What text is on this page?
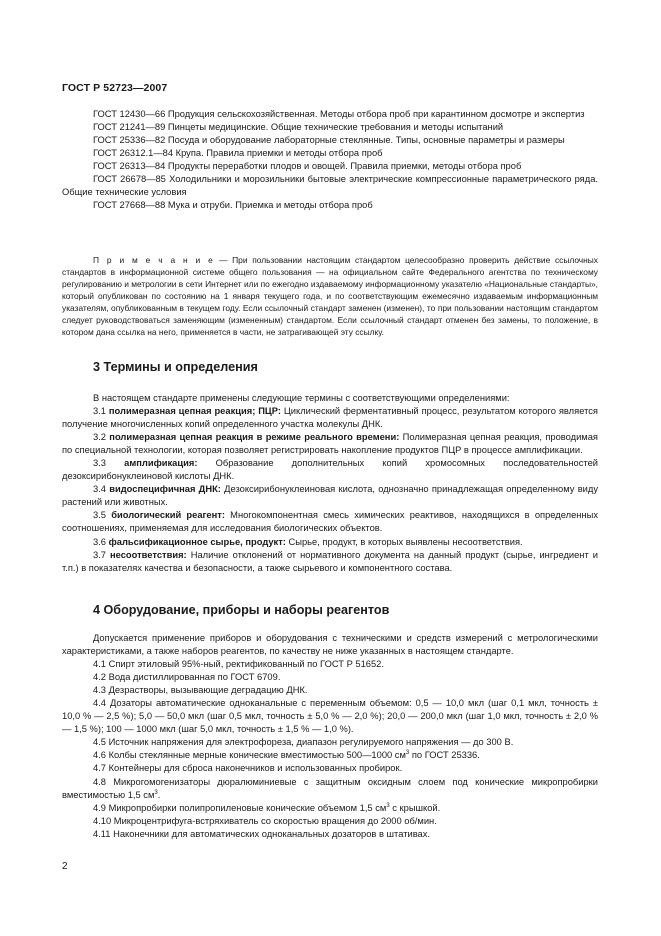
ГОСТ Р 52723—2007

ГОСТ 12430—66 Продукция сельскохозяйственная. Методы отбора проб при карантинном досмотре и экспертиз

ГОСТ 21241—89 Пинцеты медицинские. Общие технические требования и методы испытаний

ГОСТ 25336—82 Посуда и оборудование лабораторные стеклянные. Типы, основные параметры и размеры

ГОСТ 26312.1—84 Крупа. Правила приемки и методы отбора проб

ГОСТ 26313—84 Продукты переработки плодов и овощей. Правила приемки, методы отбора проб

ГОСТ 26678—85 Холодильники и морозильники бытовые электрические компрессионные параметрического ряда. Общие технические условия

ГОСТ 27668—88 Мука и отруби. Приемка и методы отбора проб

П р и м е ч а н и е — При пользовании настоящим стандартом целесообразно проверить действие ссылочных стандартов в информационной системе общего пользования — на официальном сайте Федерального агентства по техническому регулированию и метрологии в сети Интернет или по ежегодно издаваемому информационному указателю «Национальные стандарты», который опубликован по состоянию на 1 января текущего года, и по соответствующим ежемесячно издаваемым информационным указателям, опубликованным в текущем году. Если ссылочный стандарт заменен (изменен), то при пользовании настоящим стандартом следует руководствоваться заменяющим (измененным) стандартом. Если ссылочный стандарт отменен без замены, то положение, в котором дана ссылка на него, применяется в части, не затрагивающей эту ссылку.

3 Термины и определения

В настоящем стандарте применены следующие термины с соответствующими определениями:

3.1 полимеразная цепная реакция; ПЦР: Циклический ферментативный процесс, результатом которого является получение многочисленных копий определенного участка молекулы ДНК.

3.2 полимеразная цепная реакция в режиме реального времени: Полимеразная цепная реакция, проводимая по специальной технологии, которая позволяет регистрировать накопление продуктов ПЦР в процессе амплификации.

3.3 амплификация: Образование дополнительных копий хромосомных последовательностей дезоксирибонуклеиновой кислоты ДНК.

3.4 видоспецифичная ДНК: Дезоксирибонуклеиновая кислота, однозначно принадлежащая определенному виду растений или животных.

3.5 биологический реагент: Многокомпонентная смесь химических реактивов, находящихся в определенных соотношениях, применяемая для исследования биологических объектов.

3.6 фальсификационное сырье, продукт: Сырье, продукт, в которых выявлены несоответствия.

3.7 несоответствия: Наличие отклонений от нормативного документа на данный продукт (сырье, ингредиент и т.п.) в показателях качества и безопасности, а также сырьевого и компонентного состава.

4 Оборудование, приборы и наборы реагентов

Допускается применение приборов и оборудования с техническими и средств измерений с метрологическими характеристиками, а также наборов реагентов, по качеству не ниже указанных в настоящем стандарте.

4.1 Спирт этиловый 95%-ный, ректификованный по ГОСТ Р 51652.

4.2 Вода дистиллированная по ГОСТ 6709.

4.3 Дезрастворы, вызывающие деградацию ДНК.

4.4 Дозаторы автоматические одноканальные с переменным объемом: 0,5 — 10,0 мкл (шаг 0,1 мкл, точность ± 10,0 % — 2,5 %); 5,0 — 50,0 мкл (шаг 0,5 мкл, точность ± 5,0 % — 2,0 %); 20,0 — 200,0 мкл (шаг 1,0 мкл, точность ± 2,0 % — 1,5 %); 100 — 1000 мкл (шаг 5,0 мкл, точность ± 1,5 % — 1,0 %).

4.5 Источник напряжения для электрофореза, диапазон регулируемого напряжения — до 300 В.

4.6 Колбы стеклянные мерные конические вместимостью 500—1000 $см^3$ по ГОСТ 25336.

4.7 Контейнеры для сброса наконечников и использованных пробирок.

4.8 Микрогомогенизаторы дюралюминиевые с защитным оксидным слоем под конические микропробирки вместимостью 1,5 $см^3$.

4.9 Микропробирки полипропиленовые конические объемом 1,5 $см^3$ с крышкой.

4.10 Микроцентрифуга-встряхиватель со скоростью вращения до 2000 об/мин.

4.11 Наконечники для автоматических одноканальных дозаторов в штативах.

2
